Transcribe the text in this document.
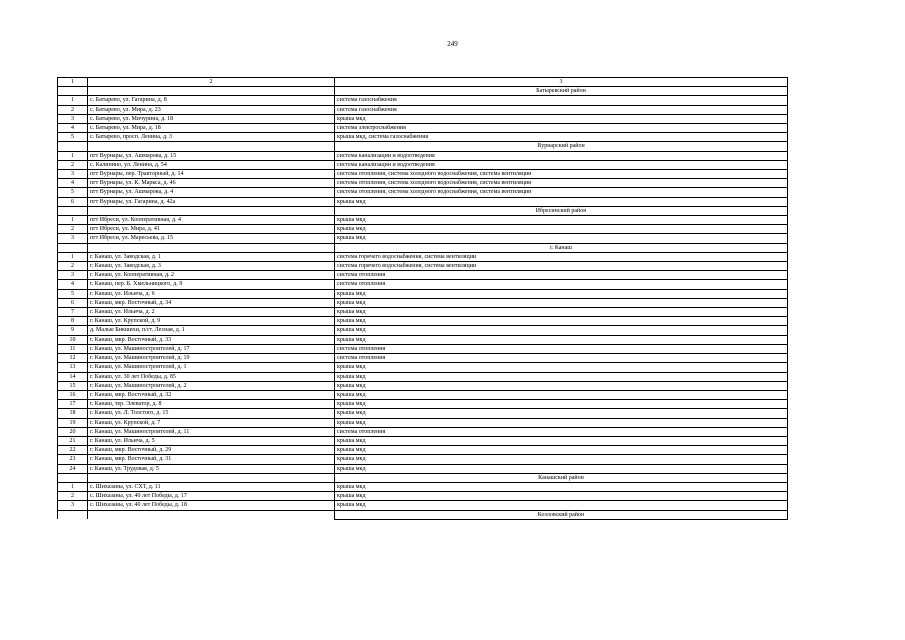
249
1	2	3
		Батыревский район
1	с. Батырево, ул. Гагарина, д. 8	система газоснабжения
2	с. Батырево, ул. Мира, д. 23	система газоснабжения
3	с. Батырево, ул. Мичурина, д. 18	крыша мкд
4	с. Батырево, ул. Мира, д. 18	система электроснабжения
5	с. Батырево, просп. Ленина, д. 3	крыша мкд, система газоснабжения
		Вурнарский район
1	пгт Вурнары, ул. Ашмарова, д. 15	система канализации и водоотведения
2	с. Калинино, ул. Ленина, д. 54	система канализации и водоотведения
3	пгт Вурнары, пер. Тракторный, д. 14	система отопления, система холодного водоснабжения, система вентиляции
4	пгт Вурнары, ул. К. Маркса, д. 46	система отопления, система холодного водоснабжения, система вентиляции
5	пгт Вурнары, ул. Ашмарова, д. 4	система отопления, система холодного водоснабжения, система вентиляции
6	пгт Вурнары, ул. Гагарина, д. 42а	крыша мкд
		Ибресинский район
1	пгт Ибреси, ул. Кооперативная, д. 4	крыша мкд
2	пгт Ибреси, ул. Мира, д. 41	крыша мкд
3	пгт Ибреси, ул. Маресьева, д. 15	крыша мкд
		г. Канаш
1	г. Канаш, ул. Заводская, д. 1	система горячего водоснабжения, система вентиляции
2	г. Канаш, ул. Заводская, д. 3	система горячего водоснабжения, система вентиляции
3	г. Канаш, ул. Кооперативная, д. 2	система отопления
4	г. Канаш, пер. Б. Хмельницкого, д. 9	система отопления
5	г. Канаш, ул. Ильича, д. 6	крыша мкд
6	г. Канаш, мкр. Восточный, д. 34	крыша мкд
7	г. Канаш, ул. Ильича, д. 2	крыша мкд
8	г. Канаш, ул. Крупской, д. 9	крыша мкд
9	д. Малые Бикшихи, п/ст. Лесная, д. 1	крыша мкд
10	г. Канаш, мкр. Восточный, д. 33	крыша мкд
11	г. Канаш, ул. Машиностроителей, д. 17	система отопления
12	г. Канаш, ул. Машиностроителей, д. 19	система отопления
13	г. Канаш, ул. Машиностроителей, д. 1	крыша мкд
14	г. Канаш, ул. 30 лет Победы, д. 85	крыша мкд
15	г. Канаш, ул. Машиностроителей, д. 2	крыша мкд
16	г. Канаш, мкр. Восточный, д. 32	крыша мкд
17	г. Канаш, тер. Элеватор, д. 8	крыша мкд
18	г. Канаш, ул. Л. Толстого, д. 15	крыша мкд
19	г. Канаш, ул. Крупской, д. 7	крыша мкд
20	г. Канаш, ул. Машиностроителей, д. 11	система отопления
21	г. Канаш, ул. Ильича, д. 5	крыша мкд
22	г. Канаш, мкр. Восточный, д. 29	крыша мкд
23	г. Канаш, мкр. Восточный, д. 31	крыша мкд
24	г. Канаш, ул. Трудовая, д. 5	крыша мкд
		Канашский район
1	с. Шихазаны, ул. СХТ, д. 11	крыша мкд
2	с. Шихазаны, ул. 40 лет Победы, д. 17	крыша мкд
3	с. Шихазаны, ул. 40 лет Победы, д. 18	крыша мкд
		Козловский район
